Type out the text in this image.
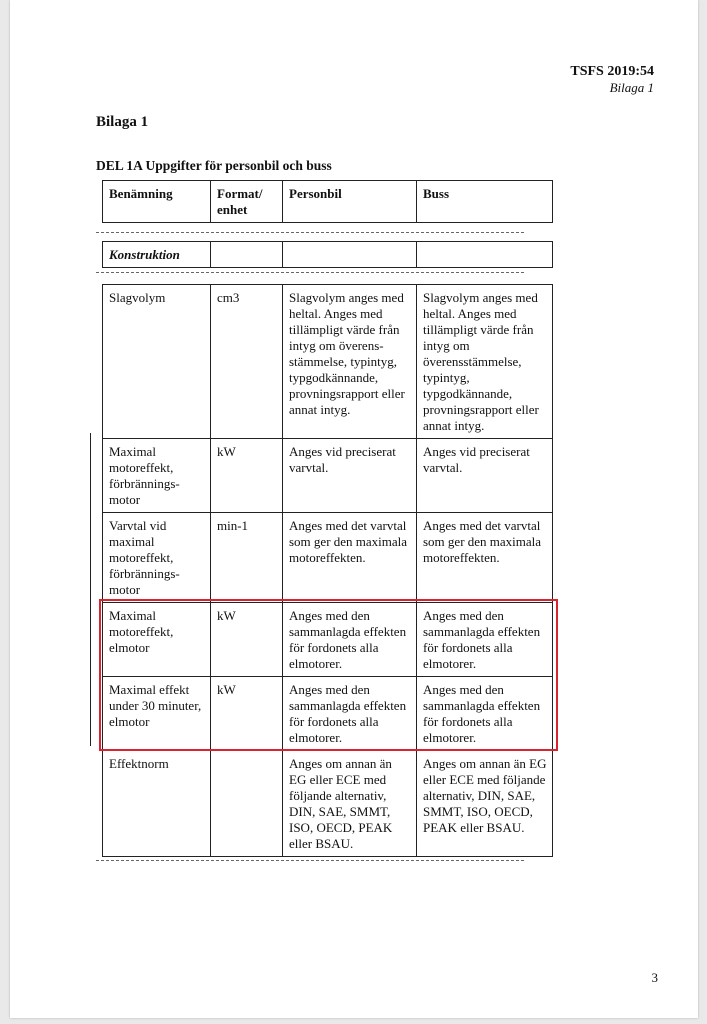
TSFS 2019:54
Bilaga 1
Bilaga 1
DEL 1A Uppgifter för personbil och buss
Benämning	Format/ enhet	Personbil	Buss
Konstruktion			
Slagvolym	cm3	Slagvolym anges med heltal. Anges med tillämpligt värde från intyg om överens-stämmelse, typintyg, typgodkännande, provningsrapport eller annat intyg.	Slagvolym anges med heltal. Anges med tillämpligt värde från intyg om överensstämmelse, typintyg, typgodkännande, provningsrapport eller annat intyg.
Maximal motoreffekt, förbrännings-motor	kW	Anges vid preciserat varvtal.	Anges vid preciserat varvtal.
Varvtal vid maximal motoreffekt, förbrännings-motor	min-1	Anges med det varvtal som ger den maximala motoreffekten.	Anges med det varvtal som ger den maximala motoreffekten.
Maximal motoreffekt, elmotor	kW	Anges med den sammanlagda effekten för fordonets alla elmotorer.	Anges med den sammanlagda effekten för fordonets alla elmotorer.
Maximal effekt under 30 minuter, elmotor	kW	Anges med den sammanlagda effekten för fordonets alla elmotorer.	Anges med den sammanlagda effekten för fordonets alla elmotorer.
Effektnorm		Anges om annan än EG eller ECE med följande alternativ, DIN, SAE, SMMT, ISO, OECD, PEAK eller BSAU.	Anges om annan än EG eller ECE med följande alternativ, DIN, SAE, SMMT, ISO, OECD, PEAK eller BSAU.
3
